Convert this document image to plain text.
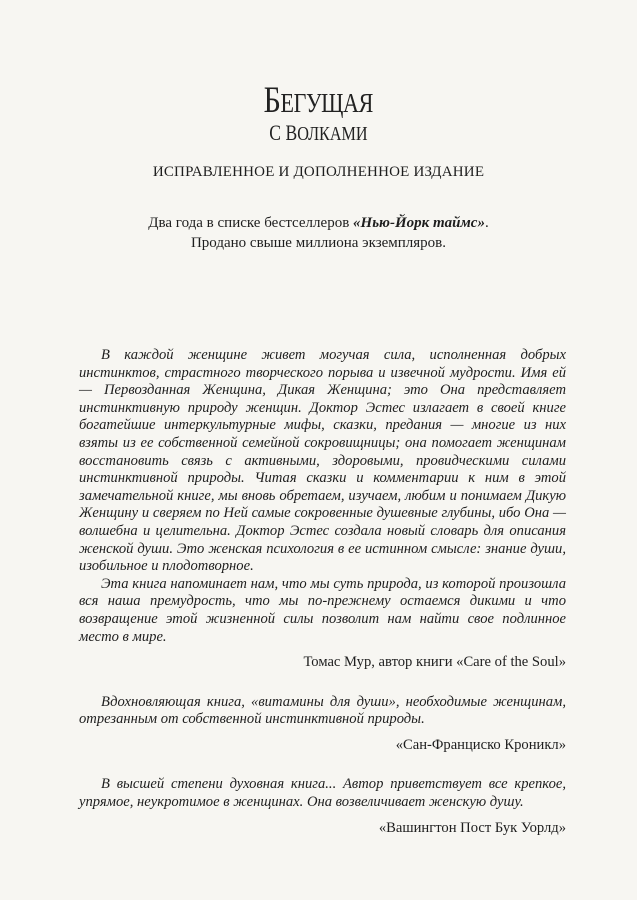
БЕГУЩАЯ
С ВОЛКАМИ
ИСПРАВЛЕННОЕ И ДОПОЛНЕННОЕ ИЗДАНИЕ
Два года в списке бестселлеров «Нью-Йорк таймс».
Продано свыше миллиона экземпляров.

В каждой женщине живет могучая сила, исполненная добрых инстинктов, страстного творческого порыва и извечной мудрости. Имя ей — Первозданная Женщина, Дикая Женщина; это Она представляет инстинктивную природу женщин. Доктор Эстес излагает в своей книге богатейшие интеркультурные мифы, сказки, предания — многие из них взяты из ее собственной семейной сокровищницы; она помогает женщинам восстановить связь с активными, здоровыми, провидческими силами инстинктивной природы. Читая сказки и комментарии к ним в этой замечательной книге, мы вновь обретаем, изучаем, любим и понимаем Дикую Женщину и сверяем по Ней самые сокровенные душевные глубины, ибо Она — волшебна и целительна. Доктор Эстес создала новый словарь для описания женской души. Это женская психология в ее истинном смысле: знание души, изобильное и плодотворное.

Эта книга напоминает нам, что мы суть природа, из которой произошла вся наша премудрость, что мы по-прежнему остаемся дикими и что возвращение этой жизненной силы позволит нам найти свое подлинное место в мире.

Томас Мур, автор книги «Care of the Soul»

Вдохновляющая книга, «витамины для души», необходимые женщинам, отрезанным от собственной инстинктивной природы.

«Сан-Франциско Кроникл»

В высшей степени духовная книга... Автор приветствует все крепкое, упрямое, неукротимое в женщинах. Она возвеличивает женскую душу.

«Вашингтон Пост Бук Уорлд»
